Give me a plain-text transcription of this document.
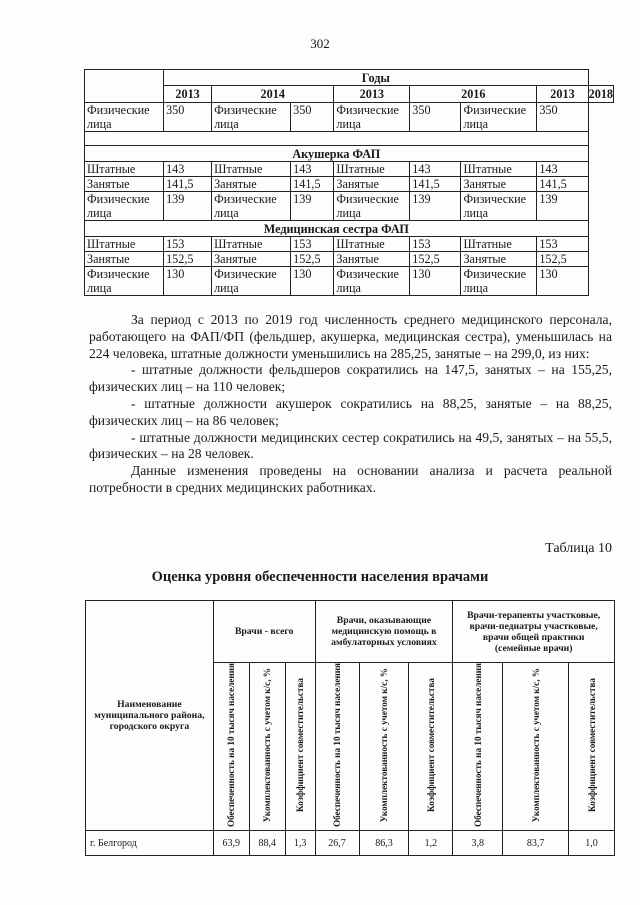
302
	Годы							
	2013	2014		2013	2016		2013	2018
Физические лица	350	Физические лица	350	Физические лица	350	Физические лица	350	

Акушерка ФАП								
Штатные	143	Штатные	143	Штатные	143	Штатные	143	
Занятые	141,5	Занятые	141,5	Занятые	141,5	Занятые	141,5	
Физические лица	139	Физические лица	139	Физические лица	139	Физические лица	139	
Медицинская сестра ФАП								
Штатные	153	Штатные	153	Штатные	153	Штатные	153	
Занятые	152,5	Занятые	152,5	Занятые	152,5	Занятые	152,5	
Физические лица	130	Физические лица	130	Физические лица	130	Физические лица	130	

За период с 2013 по 2019 год численность среднего медицинского персонала, работающего на ФАП/ФП (фельдшер, акушерка, медицинская сестра), уменьшилась на 224 человека, штатные должности уменьшились на 285,25, занятые – на 299,0, из них:

- штатные должности фельдшеров сократились на 147,5, занятых – на 155,25, физических лиц – на 110 человек;

- штатные должности акушерок сократились на 88,25, занятые – на 88,25, физических лиц – на 86 человек;

- штатные должности медицинских сестер сократились на 49,5, занятых – на 55,5, физических – на 28 человек.

Данные изменения проведены на основании анализа и расчета реальной потребности в средних медицинских работниках.

Таблица 10
Оценка уровня обеспеченности населения врачами
Наименование муниципального района, городского округа	Врачи - всего			Врачи, оказывающие медицинскую помощь в амбулаторных условиях			Врачи-терапевты участковые, врачи-педиатры участковые, врачи общей практики (семейные врачи)		
	Обеспеченность на 10 тысяч населения	Укомплектованность с учетом к/с, %	Коэффициент совместительства	Обеспеченность на 10 тысяч населения	Укомплектованность с учетом к/с, %	Коэффициент совместительства	Обеспеченность на 10 тысяч населения	Укомплектованность с учетом к/с, %	Коэффициент совместительства
г. Белгород	63,9	88,4	1,3	26,7	86,3	1,2	3,8	83,7	1,0
